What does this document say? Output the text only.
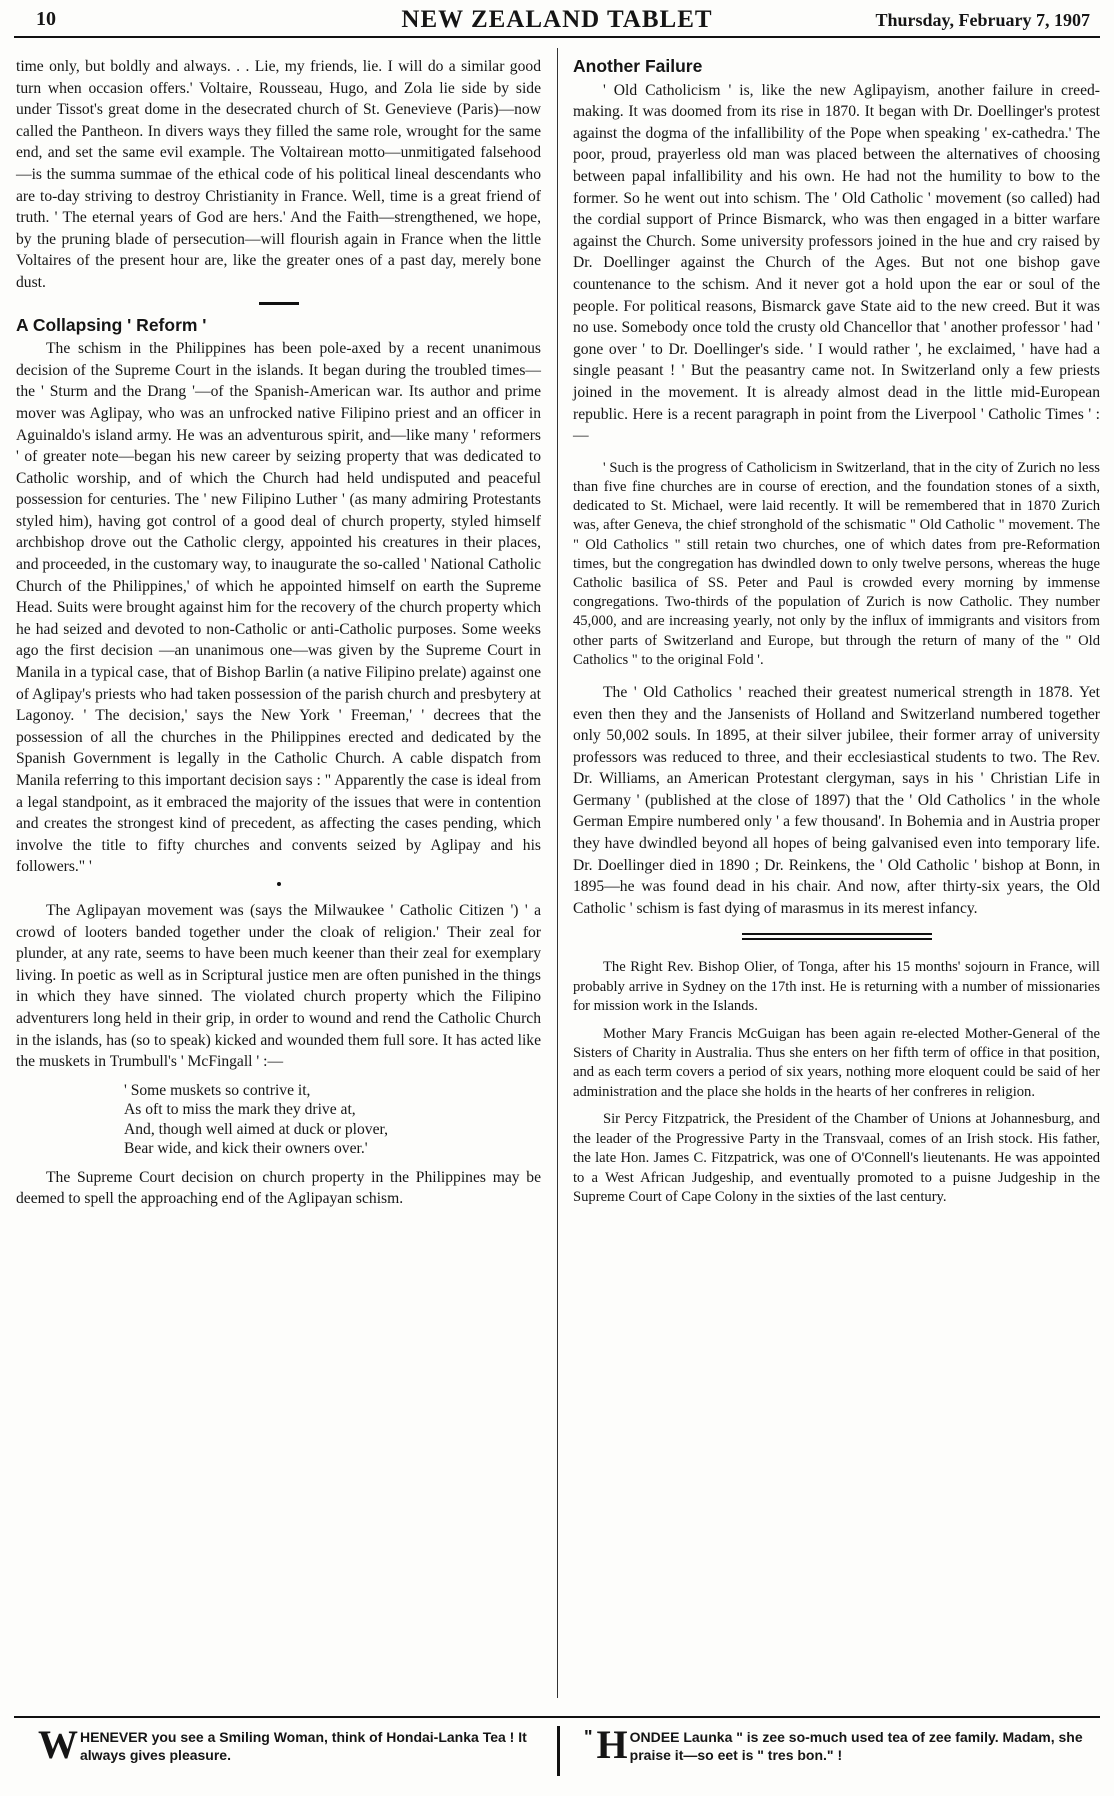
10	NEW ZEALAND TABLET	Thursday, February 7, 1907

time only, but boldly and always. . . Lie, my friends, lie. I will do a similar good turn when occasion offers.' Voltaire, Rousseau, Hugo, and Zola lie side by side under Tissot's great dome in the desecrated church of St. Genevieve (Paris)—now called the Pantheon. In divers ways they filled the same role, wrought for the same end, and set the same evil example. The Voltairean motto—unmitigated falsehood—is the summa summae of the ethical code of his political lineal descendants who are to-day striving to destroy Christianity in France. Well, time is a great friend of truth. ' The eternal years of God are hers.' And the Faith—strengthened, we hope, by the pruning blade of persecution—will flourish again in France when the little Voltaires of the present hour are, like the greater ones of a past day, merely bone dust.

A Collapsing ' Reform '

The schism in the Philippines has been pole-axed by a recent unanimous decision of the Supreme Court in the islands. It began during the troubled times—the ' Sturm and the Drang '—of the Spanish-American war. Its author and prime mover was Aglipay, who was an unfrocked native Filipino priest and an officer in Aguinaldo's island army. He was an adventurous spirit, and—like many ' reformers ' of greater note—began his new career by seizing property that was dedicated to Catholic worship, and of which the Church had held undisputed and peaceful possession for centuries. The ' new Filipino Luther ' (as many admiring Protestants styled him), having got control of a good deal of church property, styled himself archbishop drove out the Catholic clergy, appointed his creatures in their places, and proceeded, in the customary way, to inaugurate the so-called ' National Catholic Church of the Philippines,' of which he appointed himself on earth the Supreme Head. Suits were brought against him for the recovery of the church property which he had seized and devoted to non-Catholic or anti-Catholic purposes. Some weeks ago the first decision —an unanimous one—was given by the Supreme Court in Manila in a typical case, that of Bishop Barlin (a native Filipino prelate) against one of Aglipay's priests who had taken possession of the parish church and presbytery at Lagonoy. ' The decision,' says the New York ' Freeman,' ' decrees that the possession of all the churches in the Philippines erected and dedicated by the Spanish Government is legally in the Catholic Church. A cable dispatch from Manila referring to this important decision says : " Apparently the case is ideal from a legal standpoint, as it embraced the majority of the issues that were in contention and creates the strongest kind of precedent, as affecting the cases pending, which involve the title to fifty churches and convents seized by Aglipay and his followers." '

The Aglipayan movement was (says the Milwaukee ' Catholic Citizen ') ' a crowd of looters banded together under the cloak of religion.' Their zeal for plunder, at any rate, seems to have been much keener than their zeal for exemplary living. In poetic as well as in Scriptural justice men are often punished in the things in which they have sinned. The violated church property which the Filipino adventurers long held in their grip, in order to wound and rend the Catholic Church in the islands, has (so to speak) kicked and wounded them full sore. It has acted like the muskets in Trumbull's ' McFingall ' :—

' Some muskets so contrive it,
As oft to miss the mark they drive at,
And, though well aimed at duck or plover,
Bear wide, and kick their owners over.'

The Supreme Court decision on church property in the Philippines may be deemed to spell the approaching end of the Aglipayan schism.

Another Failure

' Old Catholicism ' is, like the new Aglipayism, another failure in creed-making. It was doomed from its rise in 1870. It began with Dr. Doellinger's protest against the dogma of the infallibility of the Pope when speaking ' ex-cathedra.' The poor, proud, prayerless old man was placed between the alternatives of choosing between papal infallibility and his own. He had not the humility to bow to the former. So he went out into schism. The ' Old Catholic ' movement (so called) had the cordial support of Prince Bismarck, who was then engaged in a bitter warfare against the Church. Some university professors joined in the hue and cry raised by Dr. Doellinger against the Church of the Ages. But not one bishop gave countenance to the schism. And it never got a hold upon the ear or soul of the people. For political reasons, Bismarck gave State aid to the new creed. But it was no use. Somebody once told the crusty old Chancellor that ' another professor ' had ' gone over ' to Dr. Doellinger's side. ' I would rather ', he exclaimed, ' have had a single peasant ! ' But the peasantry came not. In Switzerland only a few priests joined in the movement. It is already almost dead in the little mid-European republic. Here is a recent paragraph in point from the Liverpool ' Catholic Times ' :—

' Such is the progress of Catholicism in Switzerland, that in the city of Zurich no less than five fine churches are in course of erection, and the foundation stones of a sixth, dedicated to St. Michael, were laid recently. It will be remembered that in 1870 Zurich was, after Geneva, the chief stronghold of the schismatic " Old Catholic " movement. The " Old Catholics " still retain two churches, one of which dates from pre-Reformation times, but the congregation has dwindled down to only twelve persons, whereas the huge Catholic basilica of SS. Peter and Paul is crowded every morning by immense congregations. Two-thirds of the population of Zurich is now Catholic. They number 45,000, and are increasing yearly, not only by the influx of immigrants and visitors from other parts of Switzerland and Europe, but through the return of many of the " Old Catholics " to the original Fold '.

The ' Old Catholics ' reached their greatest numerical strength in 1878. Yet even then they and the Jansenists of Holland and Switzerland numbered together only 50,002 souls. In 1895, at their silver jubilee, their former array of university professors was reduced to three, and their ecclesiastical students to two. The Rev. Dr. Williams, an American Protestant clergyman, says in his ' Christian Life in Germany ' (published at the close of 1897) that the ' Old Catholics ' in the whole German Empire numbered only ' a few thousand'. In Bohemia and in Austria proper they have dwindled beyond all hopes of being galvanised even into temporary life. Dr. Doellinger died in 1890 ; Dr. Reinkens, the ' Old Catholic ' bishop at Bonn, in 1895—he was found dead in his chair. And now, after thirty-six years, the Old Catholic ' schism is fast dying of marasmus in its merest infancy.

The Right Rev. Bishop Olier, of Tonga, after his 15 months' sojourn in France, will probably arrive in Sydney on the 17th inst. He is returning with a number of missionaries for mission work in the Islands.

Mother Mary Francis McGuigan has been again re-elected Mother-General of the Sisters of Charity in Australia. Thus she enters on her fifth term of office in that position, and as each term covers a period of six years, nothing more eloquent could be said of her administration and the place she holds in the hearts of her confreres in religion.

Sir Percy Fitzpatrick, the President of the Chamber of Unions at Johannesburg, and the leader of the Progressive Party in the Transvaal, comes of an Irish stock. His father, the late Hon. James C. Fitzpatrick, was one of O'Connell's lieutenants. He was appointed to a West African Judgeship, and eventually promoted to a puisne Judgeship in the Supreme Court of Cape Colony in the sixties of the last century.

W HENEVER you see a Smiling Woman, think of Hondai-Lanka Tea ! It always gives pleasure.
" H ONDEE Launka " is zee so-much used tea of zee family. Madam, she praise it—so eet is " tres bon." !
